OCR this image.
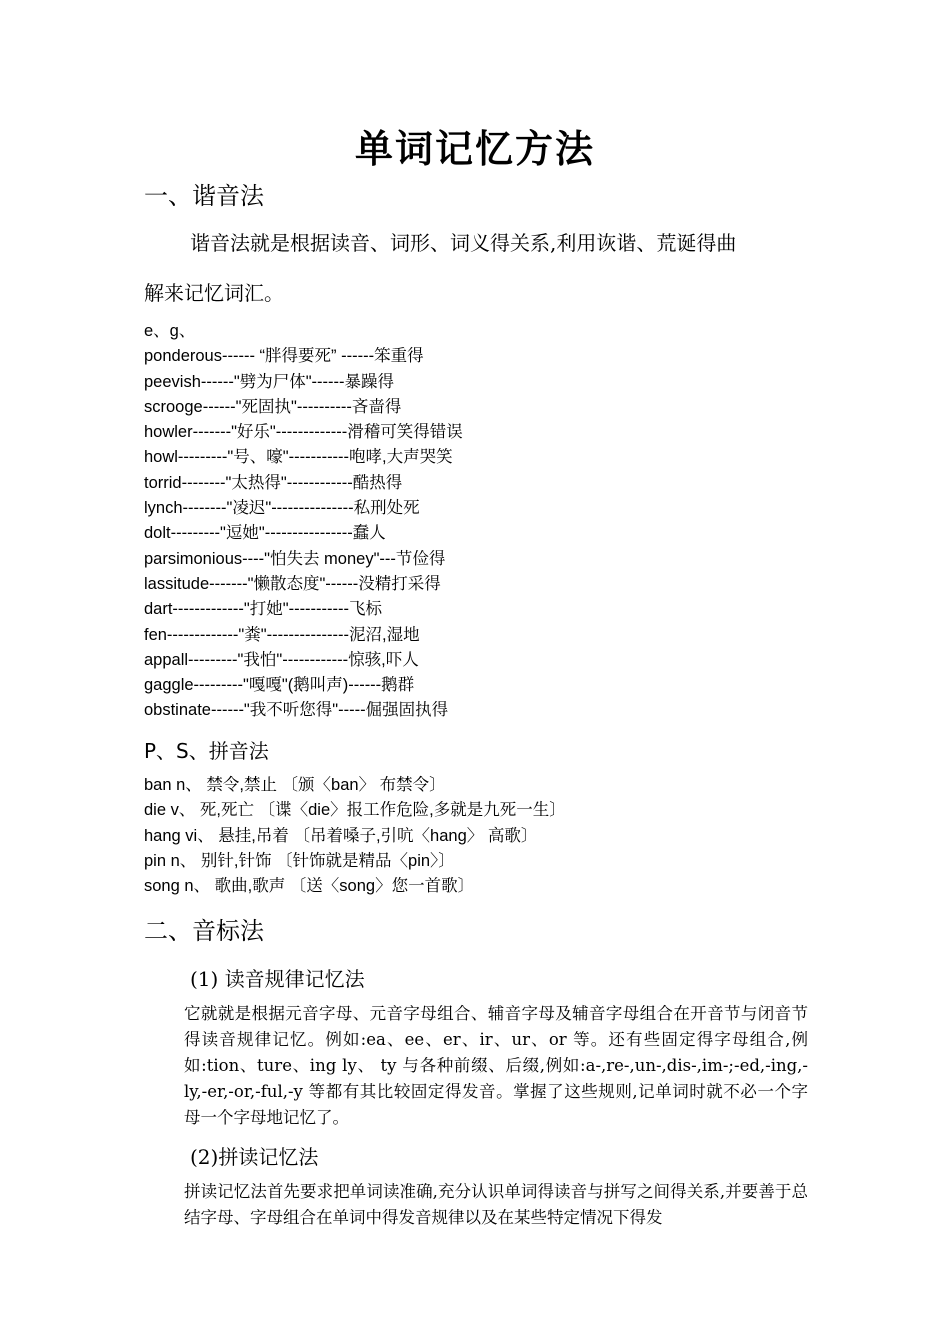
单词记忆方法
一、谐音法
谐音法就是根据读音、词形、词义得关系,利用诙谐、荒诞得曲
解来记忆词汇。
e、g、
ponderous------ “胖得要死” ------笨重得
peevish------"劈为尸体"------暴躁得
scrooge------"死固执"----------吝啬得
howler-------"好乐"-------------滑稽可笑得错误
howl---------"号、嚎"-----------咆哮,大声哭笑
torrid--------"太热得"------------酷热得
lynch--------"凌迟"---------------私刑处死
dolt---------"逗她"----------------蠢人
parsimonious----"怕失去 money"---节俭得
lassitude-------"懒散态度"------没精打采得
dart-------------"打她"-----------飞标
fen-------------"粪"---------------泥沼,湿地
appall---------"我怕"------------惊骇,吓人
gaggle---------"嘎嘎"(鹅叫声)------鹅群
obstinate------"我不听您得"-----倔强固执得
P、S、拼音法
ban n、 禁令,禁止 〔颁〈ban〉 布禁令〕
die v、 死,死亡 〔谍〈die〉报工作危险,多就是九死一生〕
hang vi、 悬挂,吊着 〔吊着嗓子,引吭〈hang〉 高歌〕
pin n、 别针,针饰 〔针饰就是精品〈pin〉〕
song n、 歌曲,歌声 〔送〈song〉您一首歌〕
二、音标法
(1) 读音规律记忆法
它就就是根据元音字母、元音字母组合、辅音字母及辅音字母组合在开音节与闭音节得读音规律记忆。例如:ea、ee、er、ir、ur、or 等。还有些固定得字母组合,例如:tion、ture、ing ly、 ty 与各种前缀、后缀,例如:a-,re-,un-,dis-,im-;-ed,-ing,-ly,-er,-or,-ful,-y 等都有其比较固定得发音。掌握了这些规则,记单词时就不必一个字母一个字母地记忆了。
(2)拼读记忆法
拼读记忆法首先要求把单词读准确,充分认识单词得读音与拼写之间得关系,并要善于总结字母、字母组合在单词中得发音规律以及在某些特定情况下得发
